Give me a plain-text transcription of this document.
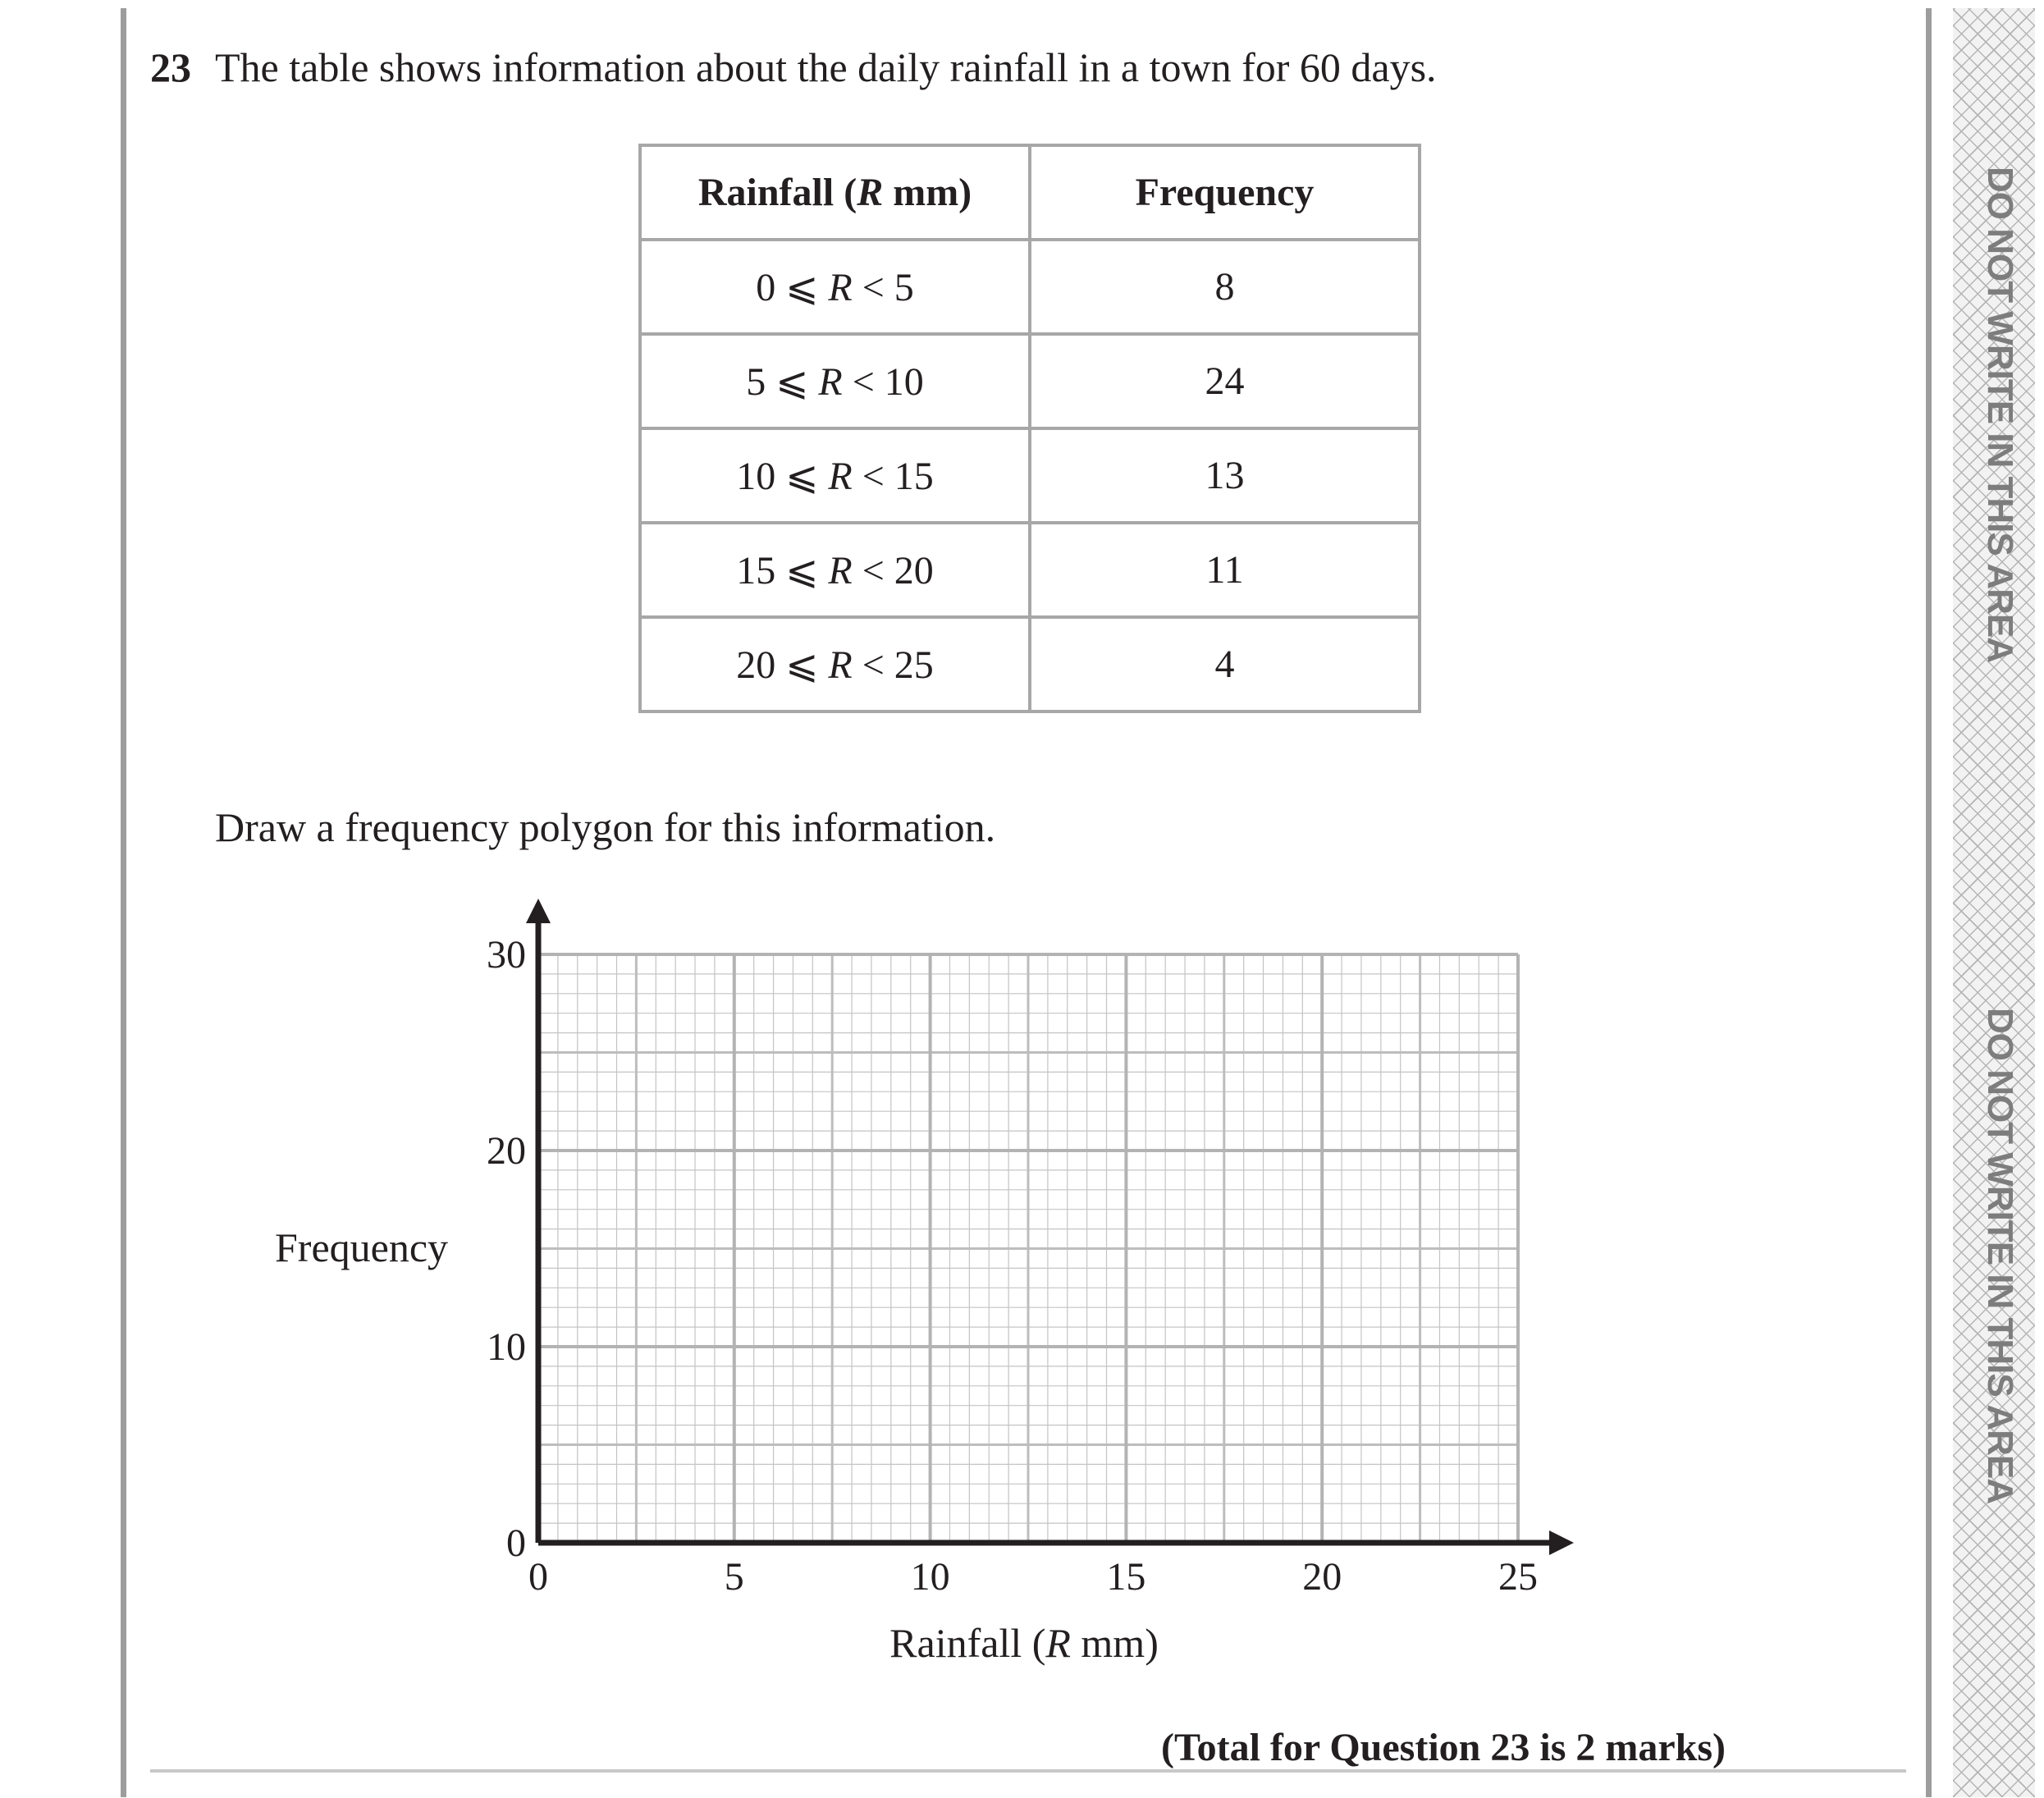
DO NOT WRITE IN THIS AREA
DO NOT WRITE IN THIS AREA
23 The table shows information about the daily rainfall in a town for 60 days.
Rainfall (R mm)	Frequency
0 ⩽ R < 5	8
5 ⩽ R < 10	24
10 ⩽ R < 15	13
15 ⩽ R < 20	11
20 ⩽ R < 25	4
Draw a frequency polygon for this information.
Frequency
0	5	10	15	20	25
0
10
20
30
Rainfall (R mm)
(Total for Question 23 is 2 marks)
